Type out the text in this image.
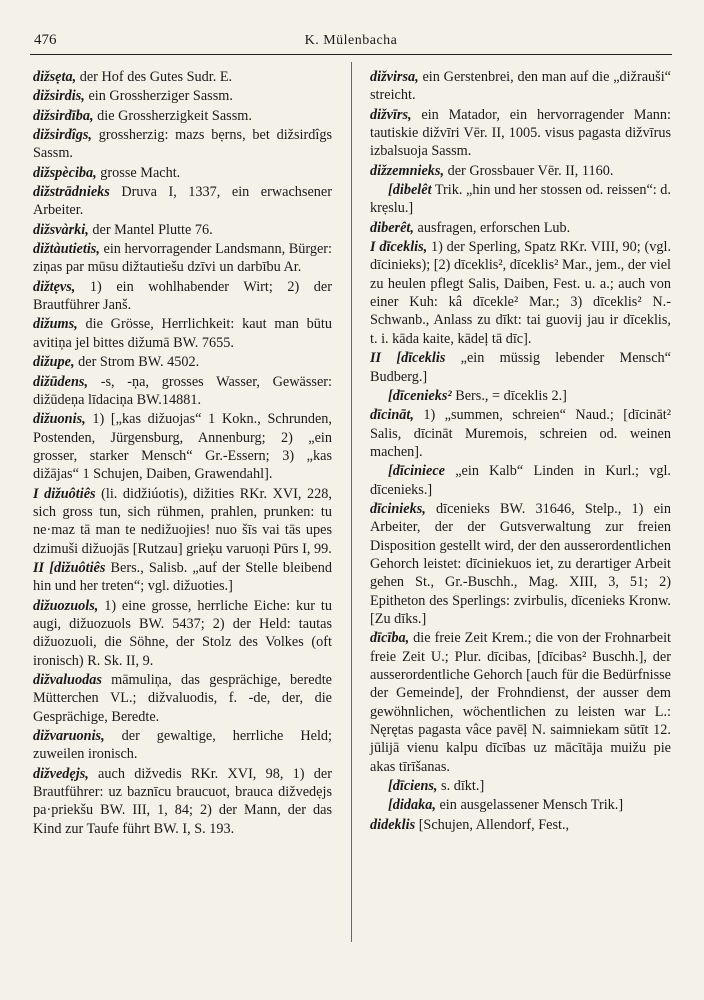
476	K. Mülenbacha

dižsẹta, der Hof des Gutes Sudr. E.

dižsirdis, ein Grossherziger Sassm.

dižsirdība, die Grossherzigkeit Sassm.

dižsirdîgs, grossherzig: mazs bẹrns, bet dižsirdîgs Sassm.

dižspèciba, grosse Macht.

dižstrādnieks Druva I, 1337, ein erwachsener Arbeiter.

dižsvàrki, der Mantel Plutte 76.

dižtàutietis, ein hervorragender Landsmann, Bürger: ziņas par mūsu dižtautiešu dzīvi un darbību Ar.

dižtẹvs, 1) ein wohlhabender Wirt; 2) der Brautführer Janš.

dižums, die Grösse, Herrlichkeit: kaut man būtu avitiņa jel bittes dižumā BW. 7655.

dižupe, der Strom BW. 4502.

dižūdens, -s, -ņa, grosses Wasser, Gewässer: dižūdeņa līdaciņa BW.14881.

dižuonis, 1) [„kas dižuojas“ 1 Kokn., Schrunden, Postenden, Jürgensburg, Annenburg; 2) „ein grosser, starker Mensch“ Gr.-Essern; 3) „kas dižājas“ 1 Schujen, Daiben, Grawendahl].

I dižuôtiês (li. didžiúotis), dižities RKr. XVI, 228, sich gross tun, sich rühmen, prahlen, prunken: tu ne·maz tā man te nedižuojies! nuo šīs vai tās upes dzimuši dižuojās [Rutzau] grieķu varuoņi Pūrs I, 99.

II [dižuôtiês Bers., Salisb. „auf der Stelle bleibend hin und her treten“; vgl. dižuoties.]

dižuozuols, 1) eine grosse, herrliche Eiche: kur tu augi, dižuozuols BW. 5437; 2) der Held: tautas dižuozuoli, die Söhne, der Stolz des Volkes (oft ironisch) R. Sk. II, 9.

dižvaluodas māmuliņa, das gesprächige, beredte Mütterchen VL.; dižvaluodis, f. -de, der, die Gesprächige, Beredte.

dižvaruonis, der gewaltige, herrliche Held; zuweilen ironisch.

dižvedẹjs, auch dižvedis RKr. XVI, 98, 1) der Brautführer: uz baznīcu braucuot, brauca dižvedẹjs pa·priekšu BW. III, 1, 84; 2) der Mann, der das Kind zur Taufe führt BW. I, S. 193.

dižvirsa, ein Gerstenbrei, den man auf die „dižrauši“ streicht.

dižvīrs, ein Matador, ein hervorragender Mann: tautiskie dižvīri Vēr. II, 1005. visus pagasta dižvīrus izbalsuoja Sassm.

dižzemnieks, der Grossbauer Vēr. II, 1160.

[dibelêt Trik. „hin und her stossen od. reissen“: d. krẹslu.]

diberêt, ausfragen, erforschen Lub.

I dīceklis, 1) der Sperling, Spatz RKr. VIII, 90; (vgl. dīcinieks); [2) dīceklis², dīceklis² Mar., jem., der viel zu heulen pflegt Salis, Daiben, Fest. u. a.; auch von einer Kuh: kâ dīcekle² Mar.; 3) dīceklis² N.-Schwanb., Anlass zu dīkt: tai guovij jau ir dīceklis, t. i. kāda kaite, kādeļ tā dīc].

II [dīceklis „ein müssig lebender Mensch“ Budberg.]

[dīcenieks² Bers., = dīceklis 2.]

dīcināt, 1) „summen, schreien“ Naud.; [dīcināt² Salis, dīcināt Muremois, schreien od. weinen machen].

[dīciniece „ein Kalb“ Linden in Kurl.; vgl. dīcenieks.]

dīcinieks, dīcenieks BW. 31646, Stelp., 1) ein Arbeiter, der der Gutsverwaltung zur freien Disposition gestellt wird, der den ausserordentlichen Gehorch leistet: dīciniekuos iet, zu derartiger Arbeit gehen St., Gr.-Buschh., Mag. XIII, 3, 51; 2) Epitheton des Sperlings: zvirbulis, dīcenieks Kronw. [Zu dīks.]

dīcība, die freie Zeit Krem.; die von der Frohnarbeit freie Zeit U.; Plur. dīcibas, [dīcibas² Buschh.], der ausserordentliche Gehorch [auch für die Bedürfnisse der Gemeinde], der Frohndienst, der ausser dem gewöhnlichen, wöchentlichen zu leisten war L.: Nęrętas pagasta vâce pavēļ N. saimniekam sūtīt 12. jūlijā vienu kalpu dīcības uz mācītāja muižu pie akas tīrīšanas.

[dīciens, s. dīkt.]

[didaka, ein ausgelassener Mensch Trik.]

dideklis [Schujen, Allendorf, Fest.,
